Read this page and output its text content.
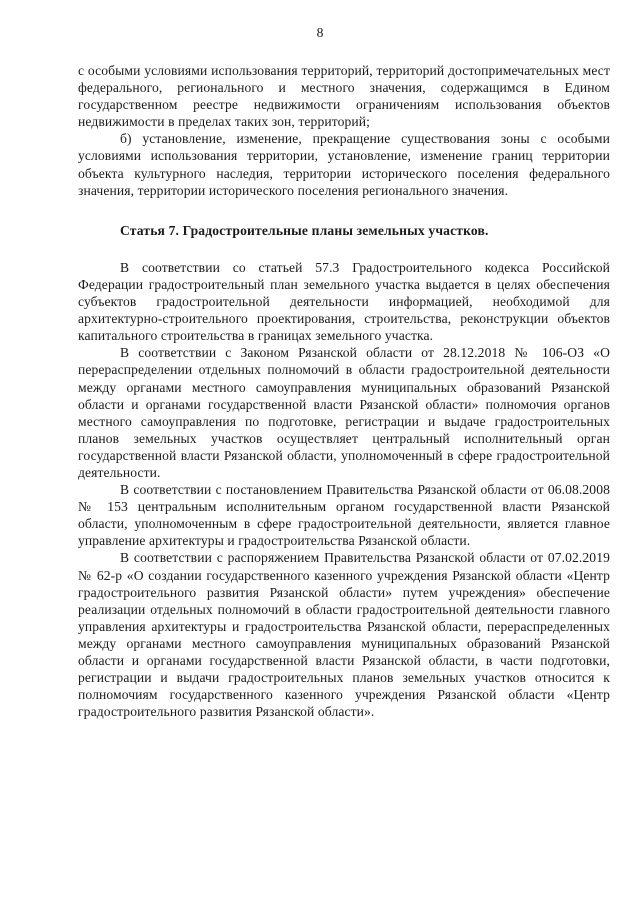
8

с особыми условиями использования территорий, территорий достопримечательных мест федерального, регионального и местного значения, содержащимся в Едином государственном реестре недвижимости ограничениям использования объектов недвижимости в пределах таких зон, территорий;

б) установление, изменение, прекращение существования зоны с особыми условиями использования территории, установление, изменение границ территории объекта культурного наследия, территории исторического поселения федерального значения, территории исторического поселения регионального значения.

Статья 7. Градостроительные планы земельных участков.

В соответствии со статьей 57.3 Градостроительного кодекса Российской Федерации градостроительный план земельного участка выдается в целях обеспечения субъектов градостроительной деятельности информацией, необходимой для архитектурно-строительного проектирования, строительства, реконструкции объектов капитального строительства в границах земельного участка.

В соответствии с Законом Рязанской области от 28.12.2018 № 106-ОЗ «О перераспределении отдельных полномочий в области градостроительной деятельности между органами местного самоуправления муниципальных образований Рязанской области и органами государственной власти Рязанской области» полномочия органов местного самоуправления по подготовке, регистрации и выдаче градостроительных планов земельных участков осуществляет центральный исполнительный орган государственной власти Рязанской области, уполномоченный в сфере градостроительной деятельности.

В соответствии с постановлением Правительства Рязанской области от 06.08.2008 № 153 центральным исполнительным органом государственной власти Рязанской области, уполномоченным в сфере градостроительной деятельности, является главное управление архитектуры и градостроительства Рязанской области.

В соответствии с распоряжением Правительства Рязанской области от 07.02.2019 № 62-р «О создании государственного казенного учреждения Рязанской области «Центр градостроительного развития Рязанской области» путем учреждения» обеспечение реализации отдельных полномочий в области градостроительной деятельности главного управления архитектуры и градостроительства Рязанской области, перераспределенных между органами местного самоуправления муниципальных образований Рязанской области и органами государственной власти Рязанской области, в части подготовки, регистрации и выдачи градостроительных планов земельных участков относится к полномочиям государственного казенного учреждения Рязанской области «Центр градостроительного развития Рязанской области».
